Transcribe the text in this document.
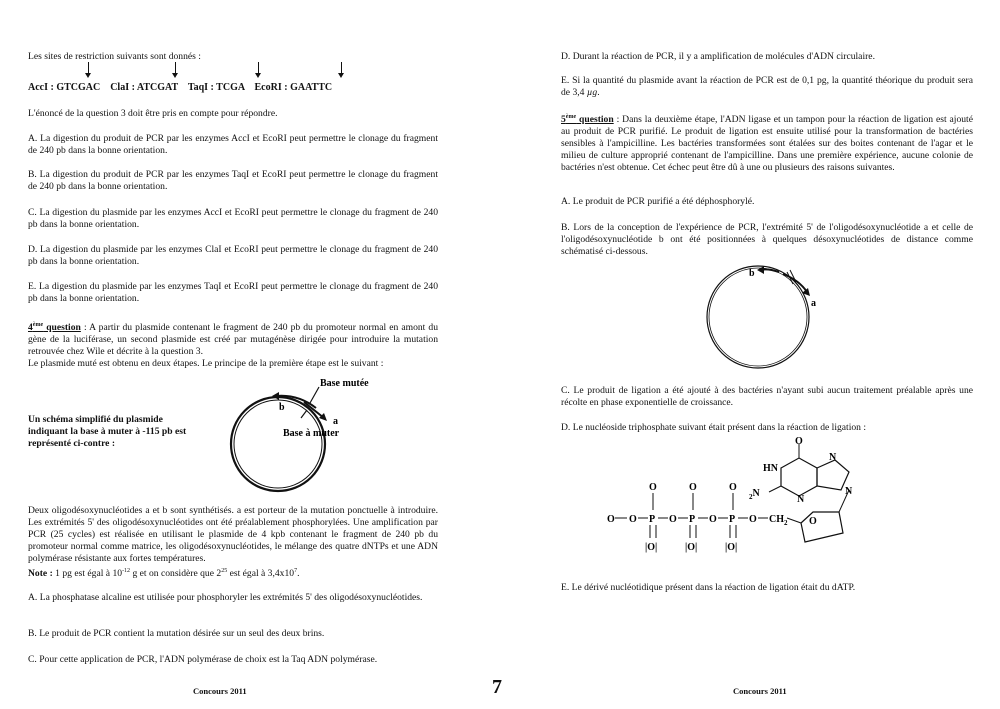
Les sites de restriction suivants sont donnés :

AccI : GTCGAC    ClaI : ATCGAT    TaqI : TCGA    EcoRI : GAATTC

L'énoncé de la question 3 doit être pris en compte pour répondre.

A. La digestion du produit de PCR par les enzymes AccI et EcoRI peut permettre le clonage du fragment de 240 pb dans la bonne orientation.

B. La digestion du produit de PCR par les enzymes TaqI et EcoRI peut permettre le clonage du fragment de 240 pb dans la bonne orientation.

C. La digestion du plasmide par les enzymes AccI et EcoRI peut permettre le clonage du fragment de 240 pb dans la bonne orientation.

D. La digestion du plasmide par les enzymes ClaI et EcoRI peut permettre le clonage du fragment de 240 pb dans la bonne orientation.

E. La digestion du plasmide par les enzymes TaqI et EcoRI peut permettre le clonage du fragment de 240 pb dans la bonne orientation.

4ème question : A partir du plasmide contenant le fragment de 240 pb du promoteur normal en amont du gène de la luciférase, un second plasmide est créé par mutagénèse dirigée pour introduire la mutation retrouvée chez Wile et décrite à la question 3.
Le plasmide muté est obtenu en deux étapes. Le principe de la première étape est le suivant :

Un schéma simplifié du plasmide indiquant la base à muter à -115 pb est représenté ci-contre :

Base mutée
Base à muter
b
a

Deux oligodésoxynucléotides a et b sont synthétisés. a est porteur de la mutation ponctuelle à introduire. Les extrémités 5' des oligodésoxynucléotides ont été préalablement phosphorylées. Une amplification par PCR (25 cycles) est réalisée en utilisant le plasmide de 4 kpb contenant le fragment de 240 pb du promoteur normal comme matrice, les oligodésoxynucléotides, le mélange des quatre dNTPs et une ADN polymérase résistante aux fortes températures.
Note : 1 pg est égal à $10^{-12}$ g et on considère que $2^{25}$ est égal à $3,4x10^7$.

A. La phosphatase alcaline est utilisée pour phosphoryler les extrémités 5' des oligodésoxynucléotides.

B. Le produit de PCR contient la mutation désirée sur un seul des deux brins.

C. Pour cette application de PCR, l'ADN polymérase de choix est la Taq ADN polymérase.

D. Durant la réaction de PCR, il y a amplification de molécules d'ADN circulaire.

E. Si la quantité du plasmide avant la réaction de PCR est de 0,1 pg, la quantité théorique du produit sera de 3,4 µg.

5ème question : Dans la deuxième étape, l'ADN ligase et un tampon pour la réaction de ligation est ajouté au produit de PCR purifié. Le produit de ligation est ensuite utilisé pour la transformation de bactéries sensibles à l'ampicilline. Les bactéries transformées sont étalées sur des boites contenant de l'agar et le milieu de culture approprié contenant de l'ampicilline. Dans une première expérience, aucune colonie de bactéries n'est obtenue. Cet échec peut être dû à une ou plusieurs des raisons suivantes.

A. Le produit de PCR purifié a été déphosphorylé.

B. Lors de la conception de l'expérience de PCR, l'extrémité 5' de l'oligodésoxynucléotide a et celle de l'oligodésoxynucléotide b ont été positionnées à quelques désoxynucléotides de distance comme schématisé ci-dessous.

b
a

C. Le produit de ligation a été ajouté à des bactéries n'ayant subi aucun traitement préalable après une récolte en phase exponentielle de croissance.

D. Le nucléoside triphosphate suivant était présent dans la réaction de ligation :

O O P O P O P O $CH_2$
O	O	O
|O|	|O|	|O|
O
O
HN
N
N
N
$_2$N

E. Le dérivé nucléotidique présent dans la réaction de ligation était du dATP.

Concours 2011	Concours 2011
7
